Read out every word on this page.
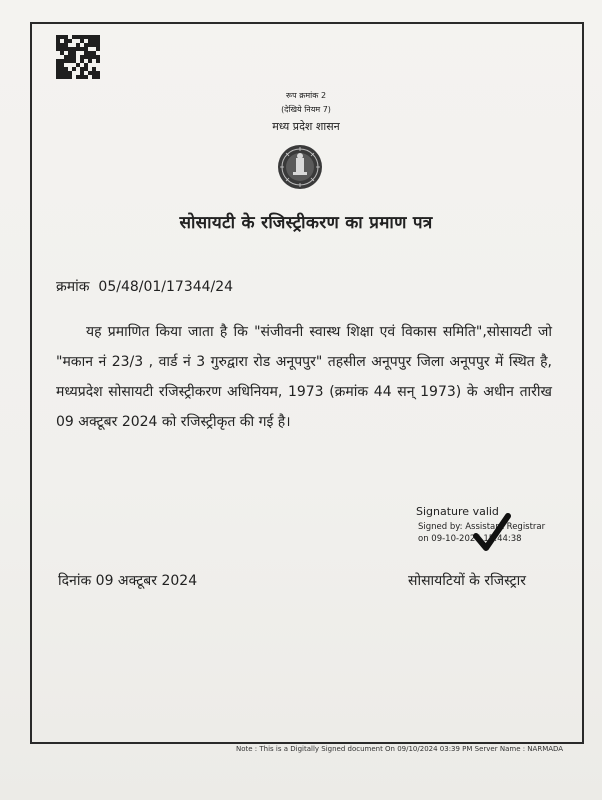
रूप क्रमांक 2
(देखिये नियम 7)
मध्य प्रदेश शासन
सोसायटी के रजिस्ट्रीकरण का प्रमाण पत्र
क्रमांक 05/48/01/17344/24
यह प्रमाणित किया जाता है कि "संजीवनी स्वास्थ शिक्षा एवं विकास समिति",सोसायटी जो "मकान नं 23/3 , वार्ड नं 3 गुरुद्वारा रोड अनूपपुर" तहसील अनूपपुर जिला अनूपपुर में स्थित है, मध्यप्रदेश सोसायटी रजिस्ट्रीकरण अधिनियम, 1973 (क्रमांक 44 सन् 1973) के अधीन तारीख 09 अक्टूबर 2024 को रजिस्ट्रीकृत की गई है।
Signature valid
Signed by: Assistant Registrar
on 09-10-2024 15:44:38
दिनांक 09 अक्टूबर 2024	सोसायटियों के रजिस्ट्रार
Note : This is a Digitally Signed document On 09/10/2024 03:39 PM Server Name : NARMADA
